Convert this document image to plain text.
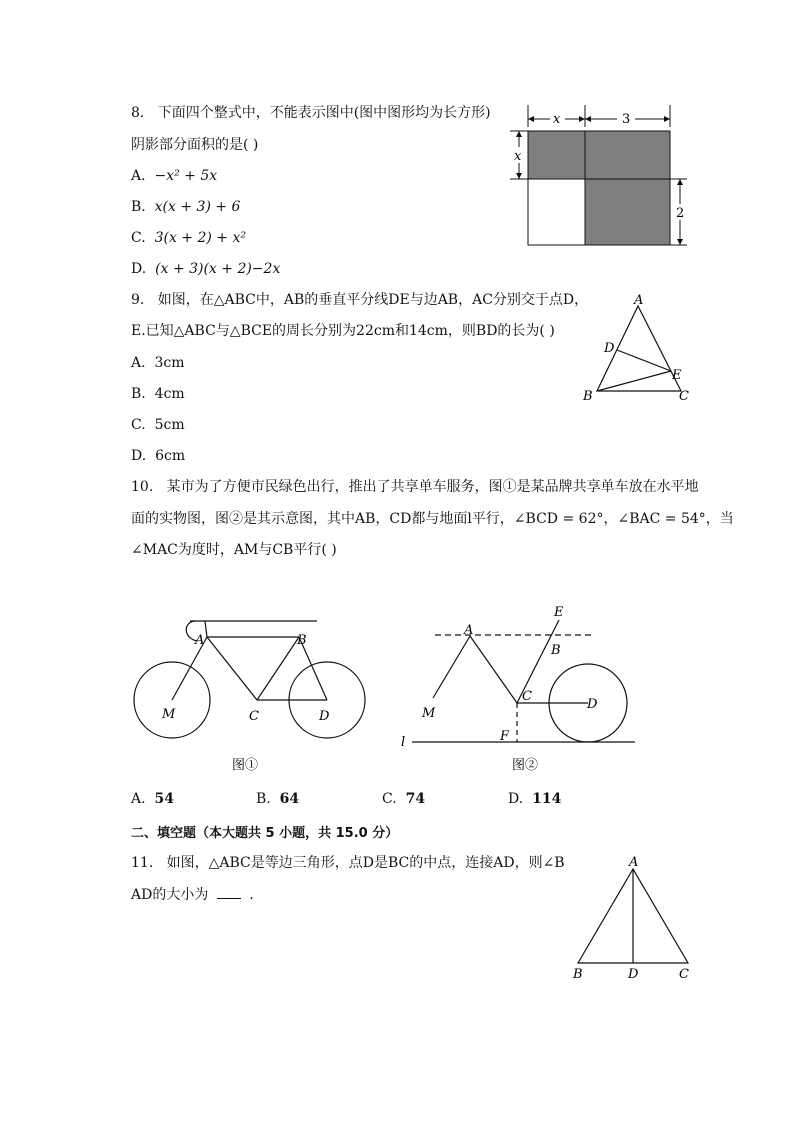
8. 下面四个整式中，不能表示图中(图中图形均为长方形)
阴影部分面积的是( )
A. −x² + 5x
B. x(x + 3) + 6
C. 3(x + 2) + x²
D. (x + 3)(x + 2)−2x
x	3
x
2
9. 如图，在△ABC中，AB的垂直平分线DE与边AB，AC分别交于点D，
E.已知△ABC与△BCE的周长分别为22cm和14cm，则BD的长为( )
A. 3cm
B. 4cm
C. 5cm
D. 6cm
A
D
E
B	C
10. 某市为了方便市民绿色出行，推出了共享单车服务，图①是某品牌共享单车放在水平地
面的实物图，图②是其示意图，其中AB，CD都与地面l平行，∠BCD = 62°，∠BAC = 54°，当
∠MAC为度时，AM与CB平行( )
A	B
M	C	D
图①
E
A
B
C
D
M
F
l
图②
A. 54	B. 64	C. 74	D. 114
二、填空题（本大题共 5 小题，共 15.0 分）
11. 如图，△ABC是等边三角形，点D是BC的中点，连接AD，则∠B
AD的大小为	.
A
B	D	C
